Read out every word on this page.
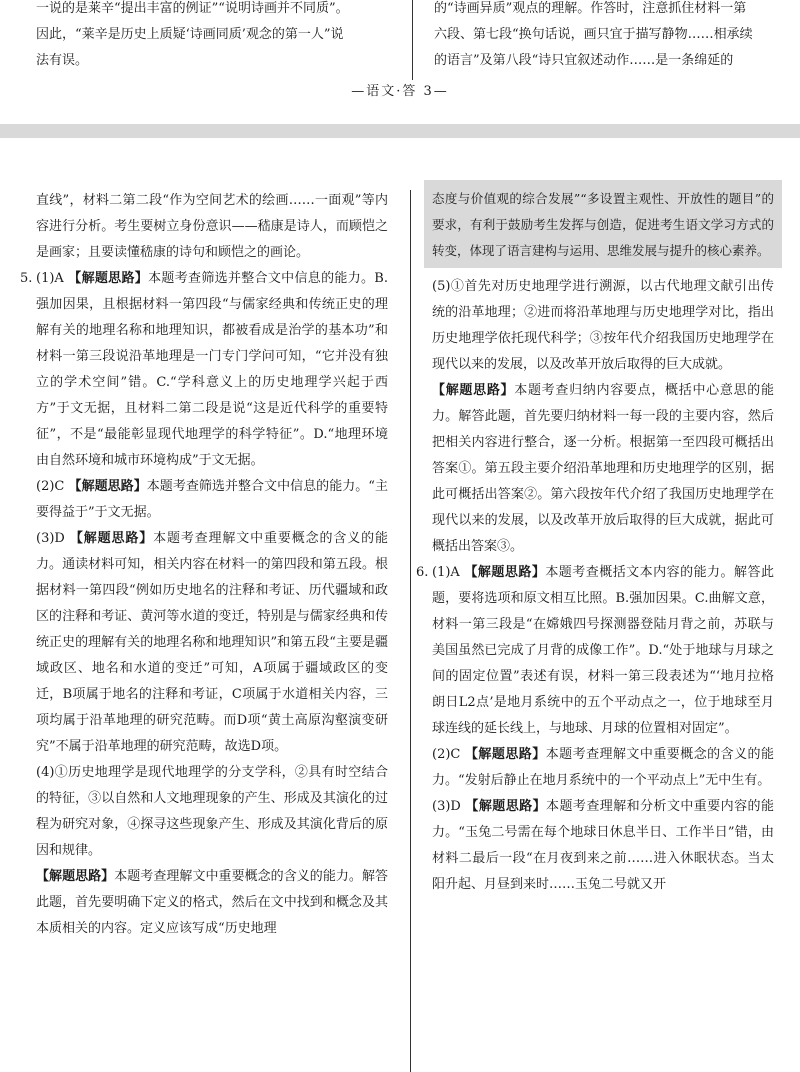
一说的是莱辛“提出丰富的例证”“说明诗画并不同质”。

因此，“莱辛是历史上质疑‘诗画同质’观念的第一人”说

法有误。

的“诗画异质”观点的理解。作答时，注意抓住材料一第

六段、第七段“换句话说，画只宜于描写静物……相承续

的语言”及第八段“诗只宜叙述动作……是一条绵延的

—语文·答 3—

直线”，材料二第二段“作为空间艺术的绘画……一面观”等内容进行分析。考生要树立身份意识——嵇康是诗人，而顾恺之是画家；且要读懂嵇康的诗句和顾恺之的画论。

5. (1)A 【解题思路】本题考查筛选并整合文中信息的能力。B.强加因果，且根据材料一第四段“与儒家经典和传统正史的理解有关的地理名称和地理知识，都被看成是治学的基本功”和材料一第三段说沿革地理是一门专门学问可知，“它并没有独立的学术空间”错。C.“学科意义上的历史地理学兴起于西方”于文无据，且材料二第二段是说“这是近代科学的重要特征”，不是“最能彰显现代地理学的科学特征”。D.“地理环境由自然环境和城市环境构成”于文无据。

(2)C 【解题思路】本题考查筛选并整合文中信息的能力。“主要得益于”于文无据。

(3)D 【解题思路】本题考查理解文中重要概念的含义的能力。通读材料可知，相关内容在材料一的第四段和第五段。根据材料一第四段“例如历史地名的注释和考证、历代疆域和政区的注释和考证、黄河等水道的变迁，特别是与儒家经典和传统正史的理解有关的地理名称和地理知识”和第五段“主要是疆域政区、地名和水道的变迁”可知，A项属于疆域政区的变迁，B项属于地名的注释和考证，C项属于水道相关内容，三项均属于沿革地理的研究范畴。而D项“黄土高原沟壑演变研究”不属于沿革地理的研究范畴，故选D项。

(4)①历史地理学是现代地理学的分支学科，②具有时空结合的特征，③以自然和人文地理现象的产生、形成及其演化的过程为研究对象，④探寻这些现象产生、形成及其演化背后的原因和规律。

【解题思路】本题考查理解文中重要概念的含义的能力。解答此题，首先要明确下定义的格式，然后在文中找到和概念及其本质相关的内容。定义应该写成“历史地理

态度与价值观的综合发展”“多设置主观性、开放性的题目”的要求，有利于鼓励考生发挥与创造，促进考生语文学习方式的转变，体现了语言建构与运用、思维发展与提升的核心素养。

(5)①首先对历史地理学进行溯源，以古代地理文献引出传统的沿革地理；②进而将沿革地理与历史地理学对比，指出历史地理学依托现代科学；③按年代介绍我国历史地理学在现代以来的发展，以及改革开放后取得的巨大成就。

【解题思路】本题考查归纳内容要点，概括中心意思的能力。解答此题，首先要归纳材料一每一段的主要内容，然后把相关内容进行整合，逐一分析。根据第一至四段可概括出答案①。第五段主要介绍沿革地理和历史地理学的区别，据此可概括出答案②。第六段按年代介绍了我国历史地理学在现代以来的发展，以及改革开放后取得的巨大成就，据此可概括出答案③。

6. (1)A 【解题思路】本题考查概括文本内容的能力。解答此题，要将选项和原文相互比照。B.强加因果。C.曲解文意，材料一第三段是“在嫦娥四号探测器登陆月背之前，苏联与美国虽然已完成了月背的成像工作”。D.“处于地球与月球之间的固定位置”表述有误，材料一第三段表述为“‘地月拉格朗日L2点’是地月系统中的五个平动点之一，位于地球至月球连线的延长线上，与地球、月球的位置相对固定”。

(2)C 【解题思路】本题考查理解文中重要概念的含义的能力。“发射后静止在地月系统中的一个平动点上”无中生有。

(3)D 【解题思路】本题考查理解和分析文中重要内容的能力。“玉兔二号需在每个地球日休息半日、工作半日”错，由材料二最后一段“在月夜到来之前……进入休眠状态。当太阳升起、月昼到来时……玉兔二号就又开
